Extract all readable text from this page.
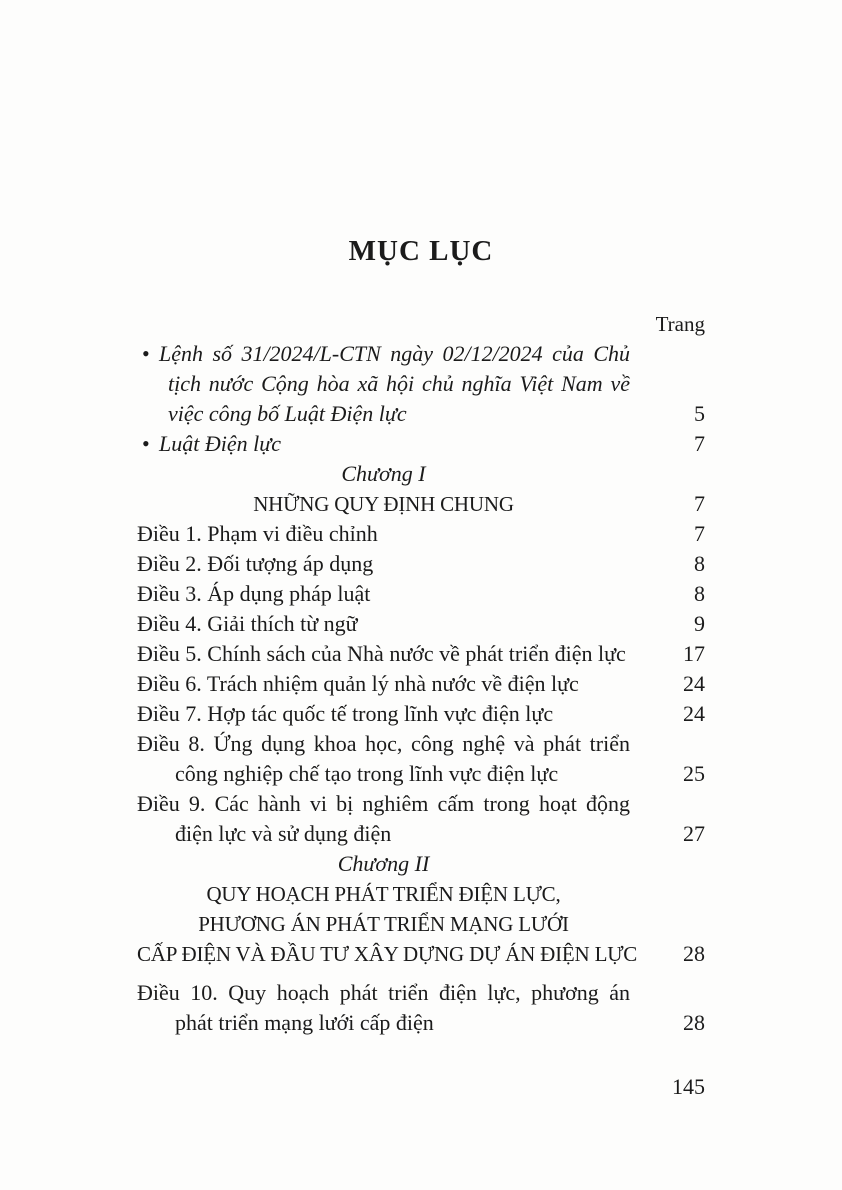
MỤC LỤC
Trang
• Lệnh số 31/2024/L-CTN ngày 02/12/2024 của Chủ
tịch nước Cộng hòa xã hội chủ nghĩa Việt Nam về
việc công bố Luật Điện lực	5
• Luật Điện lực	7
Chương I
NHỮNG QUY ĐỊNH CHUNG	7
Điều 1. Phạm vi điều chỉnh	7
Điều 2. Đối tượng áp dụng	8
Điều 3. Áp dụng pháp luật	8
Điều 4. Giải thích từ ngữ	9
Điều 5. Chính sách của Nhà nước về phát triển điện lực	17
Điều 6. Trách nhiệm quản lý nhà nước về điện lực	24
Điều 7. Hợp tác quốc tế trong lĩnh vực điện lực	24
Điều 8. Ứng dụng khoa học, công nghệ và phát triển
công nghiệp chế tạo trong lĩnh vực điện lực	25
Điều 9. Các hành vi bị nghiêm cấm trong hoạt động
điện lực và sử dụng điện	27
Chương II
QUY HOẠCH PHÁT TRIỂN ĐIỆN LỰC,
PHƯƠNG ÁN PHÁT TRIỂN MẠNG LƯỚI
CẤP ĐIỆN VÀ ĐẦU TƯ XÂY DỰNG DỰ ÁN ĐIỆN LỰC 28
Điều 10. Quy hoạch phát triển điện lực, phương án
phát triển mạng lưới cấp điện	28
145
